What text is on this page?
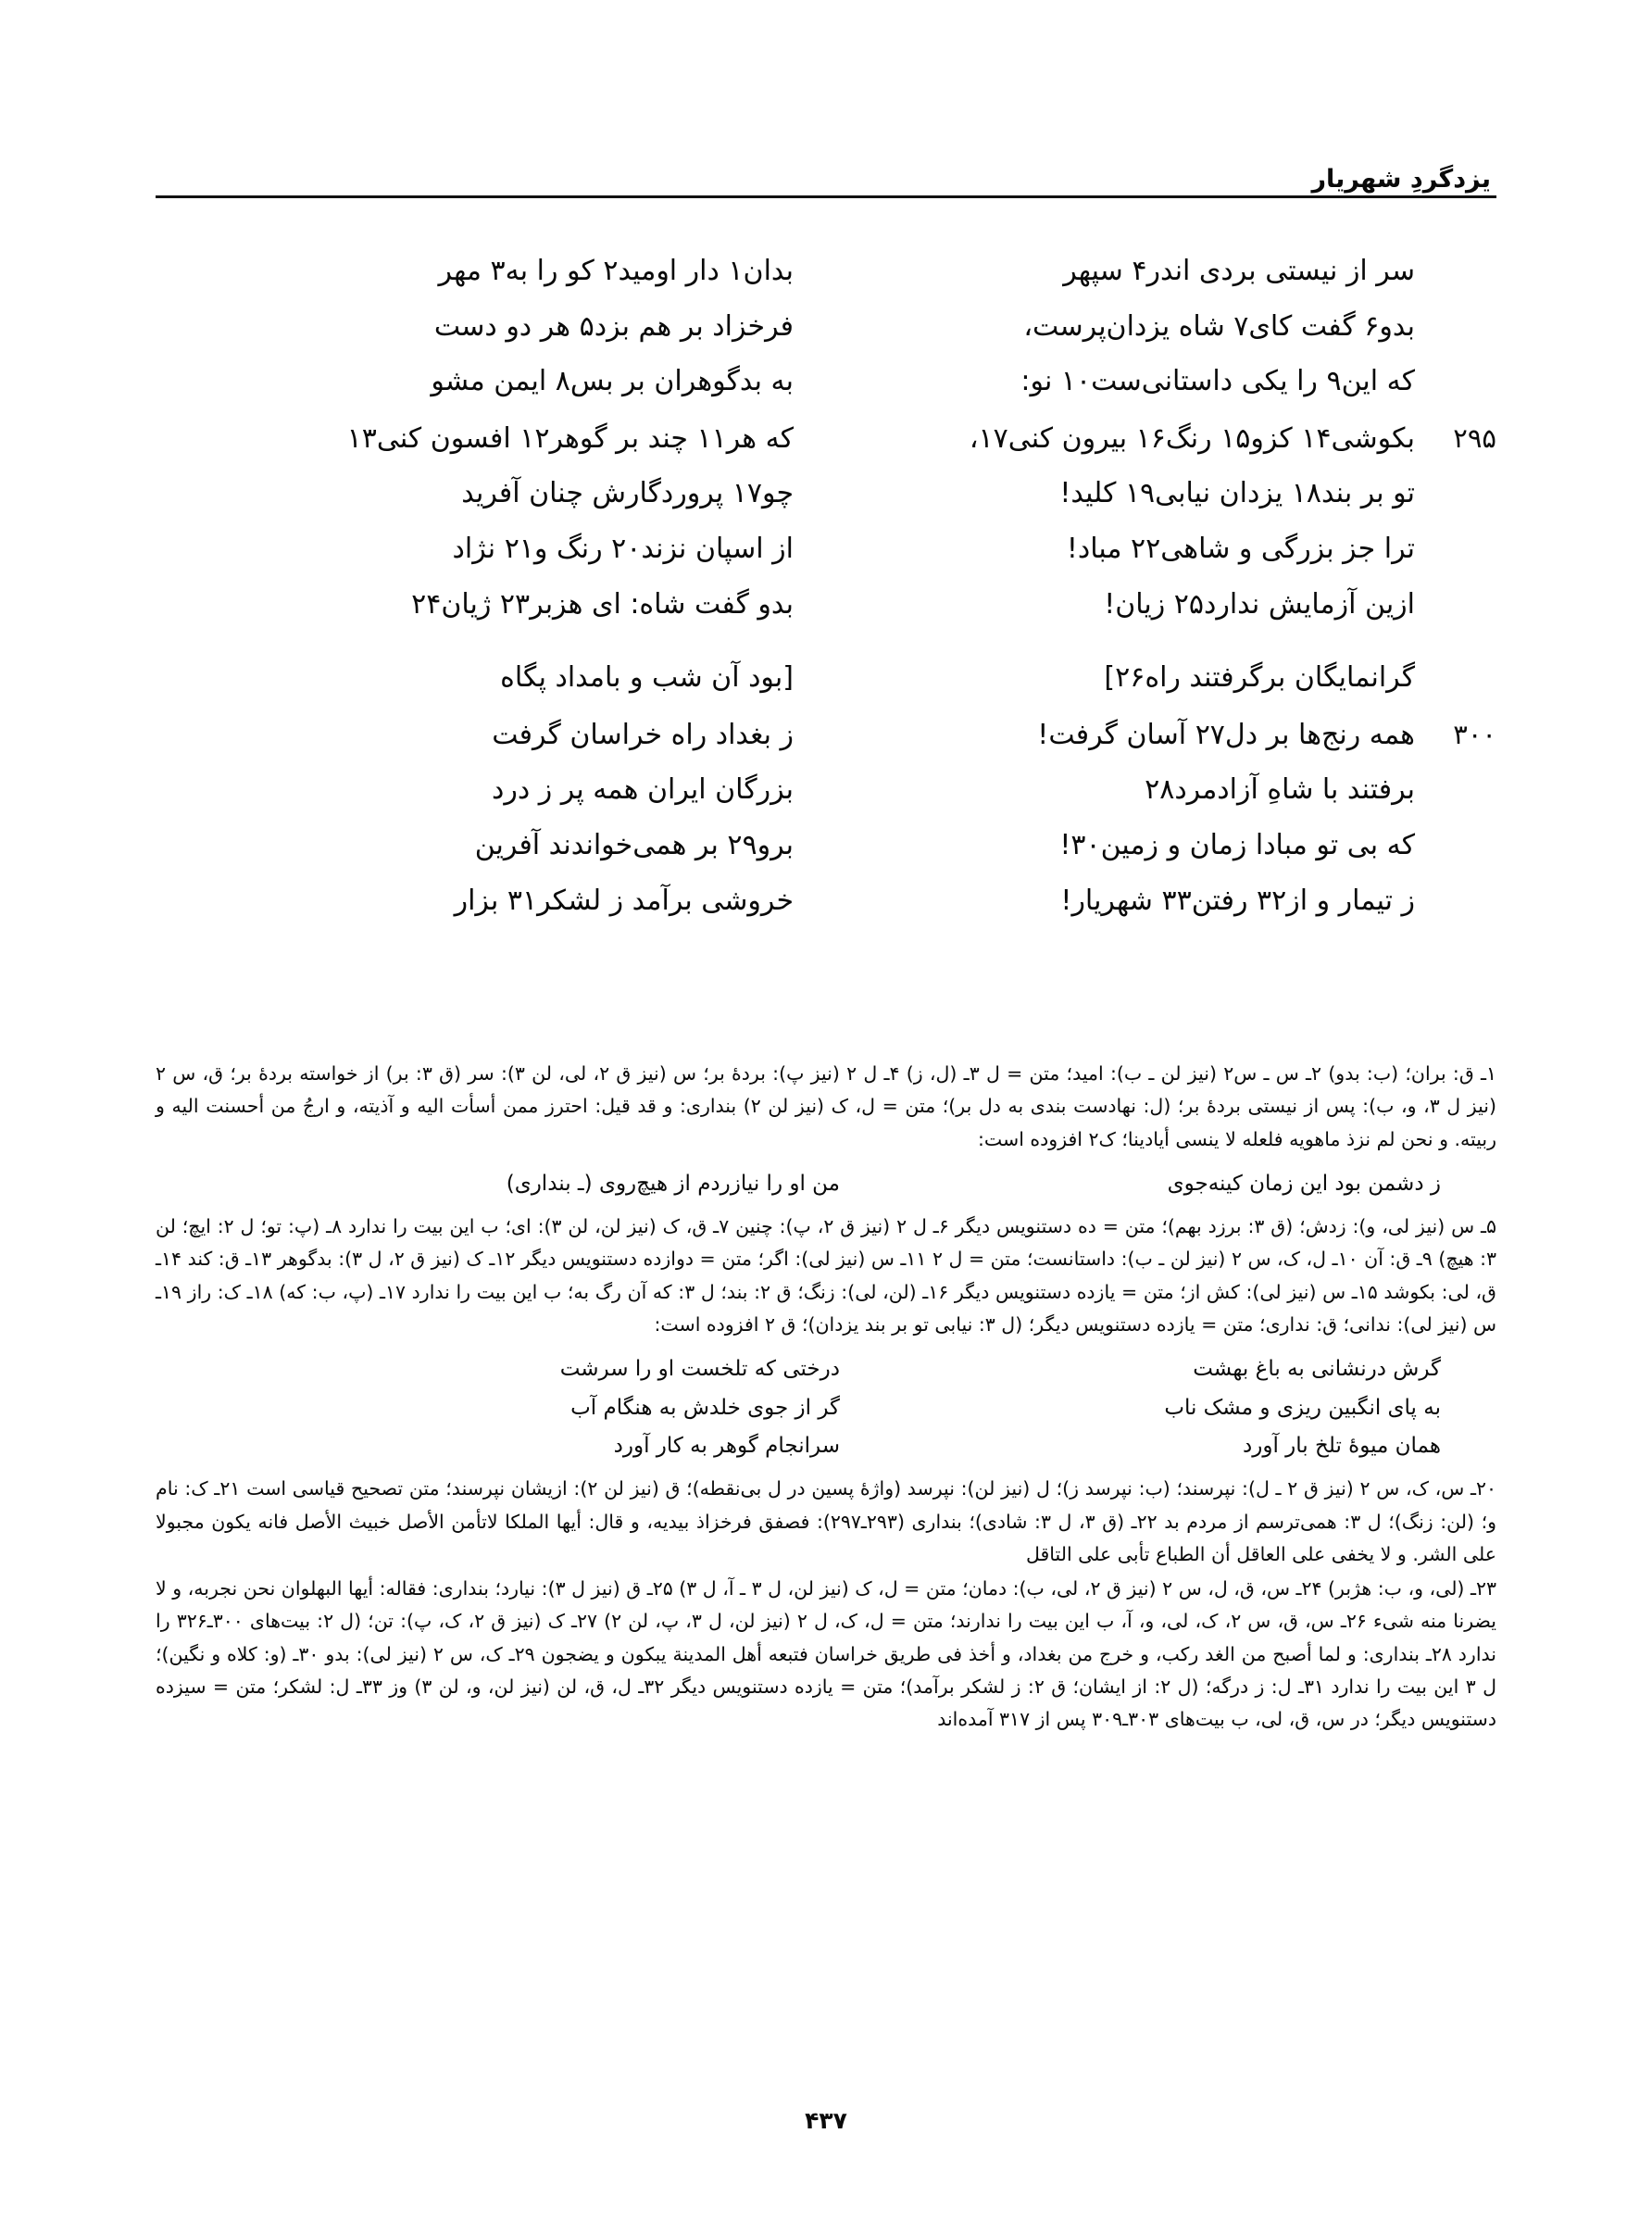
یزدگردِ شهریار
سر از نیستی بردی اندر۴ سپهر
بدان۱ دار اومید۲ کو را به۳ مهر
بدو۶ گفت کای۷ شاه یزدان‌پرست،
فرخزاد بر هم بزد۵ هر دو دست
که این۹ را یکی داستانی‌ست۱۰ نو:
به بدگوهران بر بس۸ ایمن مشو
۲۹۵
بکوشی۱۴ کزو۱۵ رنگ۱۶ بیرون کنی۱۷،
که هر۱۱ چند بر گوهر۱۲ افسون کنی۱۳
تو بر بند۱۸ یزدان نیابی۱۹ کلید!
چو۱۷ پروردگارش چنان آفرید
ترا جز بزرگی و شاهی۲۲ مباد!
از اسپان نزند۲۰ رنگ و۲۱ نژاد
ازین آزمایش ندارد۲۵ زیان!
بدو گفت شاه: ای هزبر۲۳ ژیان۲۴
گرانمایگان برگرفتند راه۲۶]
[بود آن شب و بامداد پگاه
۳۰۰
همه رنج‌ها بر دل۲۷ آسان گرفت!
ز بغداد راه خراسان گرفت
برفتند با شاهِ آزادمرد۲۸
بزرگان ایران همه پر ز درد
که بی تو مبادا زمان و زمین۳۰!
برو۲۹ بر همی‌خواندند آفرین
ز تیمار و از۳۲ رفتن۳۳ شهریار!
خروشی برآمد ز لشکر۳۱ بزار

۱ـ ق: بران؛ (ب: بدو) ۲ـ س ـ س۲ (نیز لن ـ ب): امید؛ متن = ل ۳ـ (ل، ز) ۴ـ ل ۲ (نیز پ): بردهٔ بر؛ س (نیز ق ۲، لی، لن ۳): سر (ق ۳: بر) از خواسته بردهٔ بر؛ ق، س ۲ (نیز ل ۳، و، ب): پس از نیستی بردهٔ بر؛ (ل: نهادست بندی به دل بر)؛ متن = ل، ک (نیز لن ۲) بنداری: و قد قیل: احترز ممن أسأت الیه و آذیته، و ارجُ من أحسنت الیه و ربیته. و نحن لم نزذ ماهویه فلعله لا ینسی أیادینا؛ ک۲ افزوده است:

ز دشمن بود این زمان کینه‌جوی
من او را نیازردم از هیچ‌روی (ـ بنداری)

۵ـ س (نیز لی، و): زدش؛ (ق ۳: برزد بهم)؛ متن = ده دستنویس دیگر ۶ـ ل ۲ (نیز ق ۲، پ): چنین ۷ـ ق، ک (نیز لن، لن ۳): ای؛ ب این بیت را ندارد ۸ـ (پ: تو؛ ل ۲: ایچ؛ لن ۳: هیچ) ۹ـ ق: آن ۱۰ـ ل، ک، س ۲ (نیز لن ـ ب): داستانست؛ متن = ل ۲ ۱۱ـ س (نیز لی): اگر؛ متن = دوازده دستنویس دیگر ۱۲ـ ک (نیز ق ۲، ل ۳): بدگوهر ۱۳ـ ق: کند ۱۴ـ ق، لی: بکوشد ۱۵ـ س (نیز لی): کش از؛ متن = یازده دستنویس دیگر ۱۶ـ (لن، لی): زنگ؛ ق ۲: بند؛ ل ۳: که آن رگ به؛ ب این بیت را ندارد ۱۷ـ (پ، ب: که) ۱۸ـ ک: راز ۱۹ـ س (نیز لی): ندانی؛ ق: نداری؛ متن = یازده دستنویس دیگر؛ (ل ۳: نیابی تو بر بند یزدان)؛ ق ۲ افزوده است:

گرش درنشانی به باغ بهشت
درختی که تلخست او را سرشت
به پای انگبین ریزی و مشک ناب
گر از جوی خلدش به هنگام آب
همان میوهٔ تلخ بار آورد
سرانجام گوهر به کار آورد

۲۰ـ س، ک، س ۲ (نیز ق ۲ ـ ل): نپرسند؛ (ب: نپرسد ز)؛ ل (نیز لن): نپرسد (واژهٔ پسین در ل بی‌نقطه)؛ ق (نیز لن ۲): ازیشان نپرسند؛ متن تصحیح قیاسی است ۲۱ـ ک: نام و؛ (لن: زنگ)؛ ل ۳: همی‌ترسم از مردم بد ۲۲ـ (ق ۳، ل ۳: شادی)؛ بنداری (۲۹۳ـ۲۹۷): فصفق فرخزاذ بیدیه، و قال: أیها الملکا لاتأمن الأصل خبیث الأصل فانه یکون مجبولا علی الشر. و لا یخفی علی العاقل أن الطباع تأبی علی التاقل

۲۳ـ (لی، و، ب: هژبر) ۲۴ـ س، ق، ل، س ۲ (نیز ق ۲، لی، ب): دمان؛ متن = ل، ک (نیز لن، ل ۳ ـ آ، ل ۳) ۲۵ـ ق (نیز ل ۳): نیارد؛ بنداری: فقاله: أیها البهلوان نحن نجربه، و لا یضرنا منه شیء ۲۶ـ س، ق، س ۲، ک، لی، و، آ، ب این بیت را ندارند؛ متن = ل، ک، ل ۲ (نیز لن، ل ۳، پ، لن ۲) ۲۷ـ ک (نیز ق ۲، ک، پ): تن؛ (ل ۲: بیت‌های ۳۰۰ـ۳۲۶ را ندارد ۲۸ـ بنداری: و لما أصبح من الغد رکب، و خرج من بغداد، و أخذ فی طریق خراسان فتبعه أهل المدینة یبکون و یضجون ۲۹ـ ک، س ۲ (نیز لی): بدو ۳۰ـ (و: کلاه و نگین)؛ ل ۳ این بیت را ندارد ۳۱ـ ل: ز درگه؛ (ل ۲: از ایشان؛ ق ۲: ز لشکر برآمد)؛ متن = یازده دستنویس دیگر ۳۲ـ ل، ق، لن (نیز لن، و، لن ۳) وز ۳۳ـ ل: لشکر؛ متن = سیزده دستنویس دیگر؛ در س، ق، لی، ب بیت‌های ۳۰۳ـ۳۰۹ پس از ۳۱۷ آمده‌اند

۴۳۷
